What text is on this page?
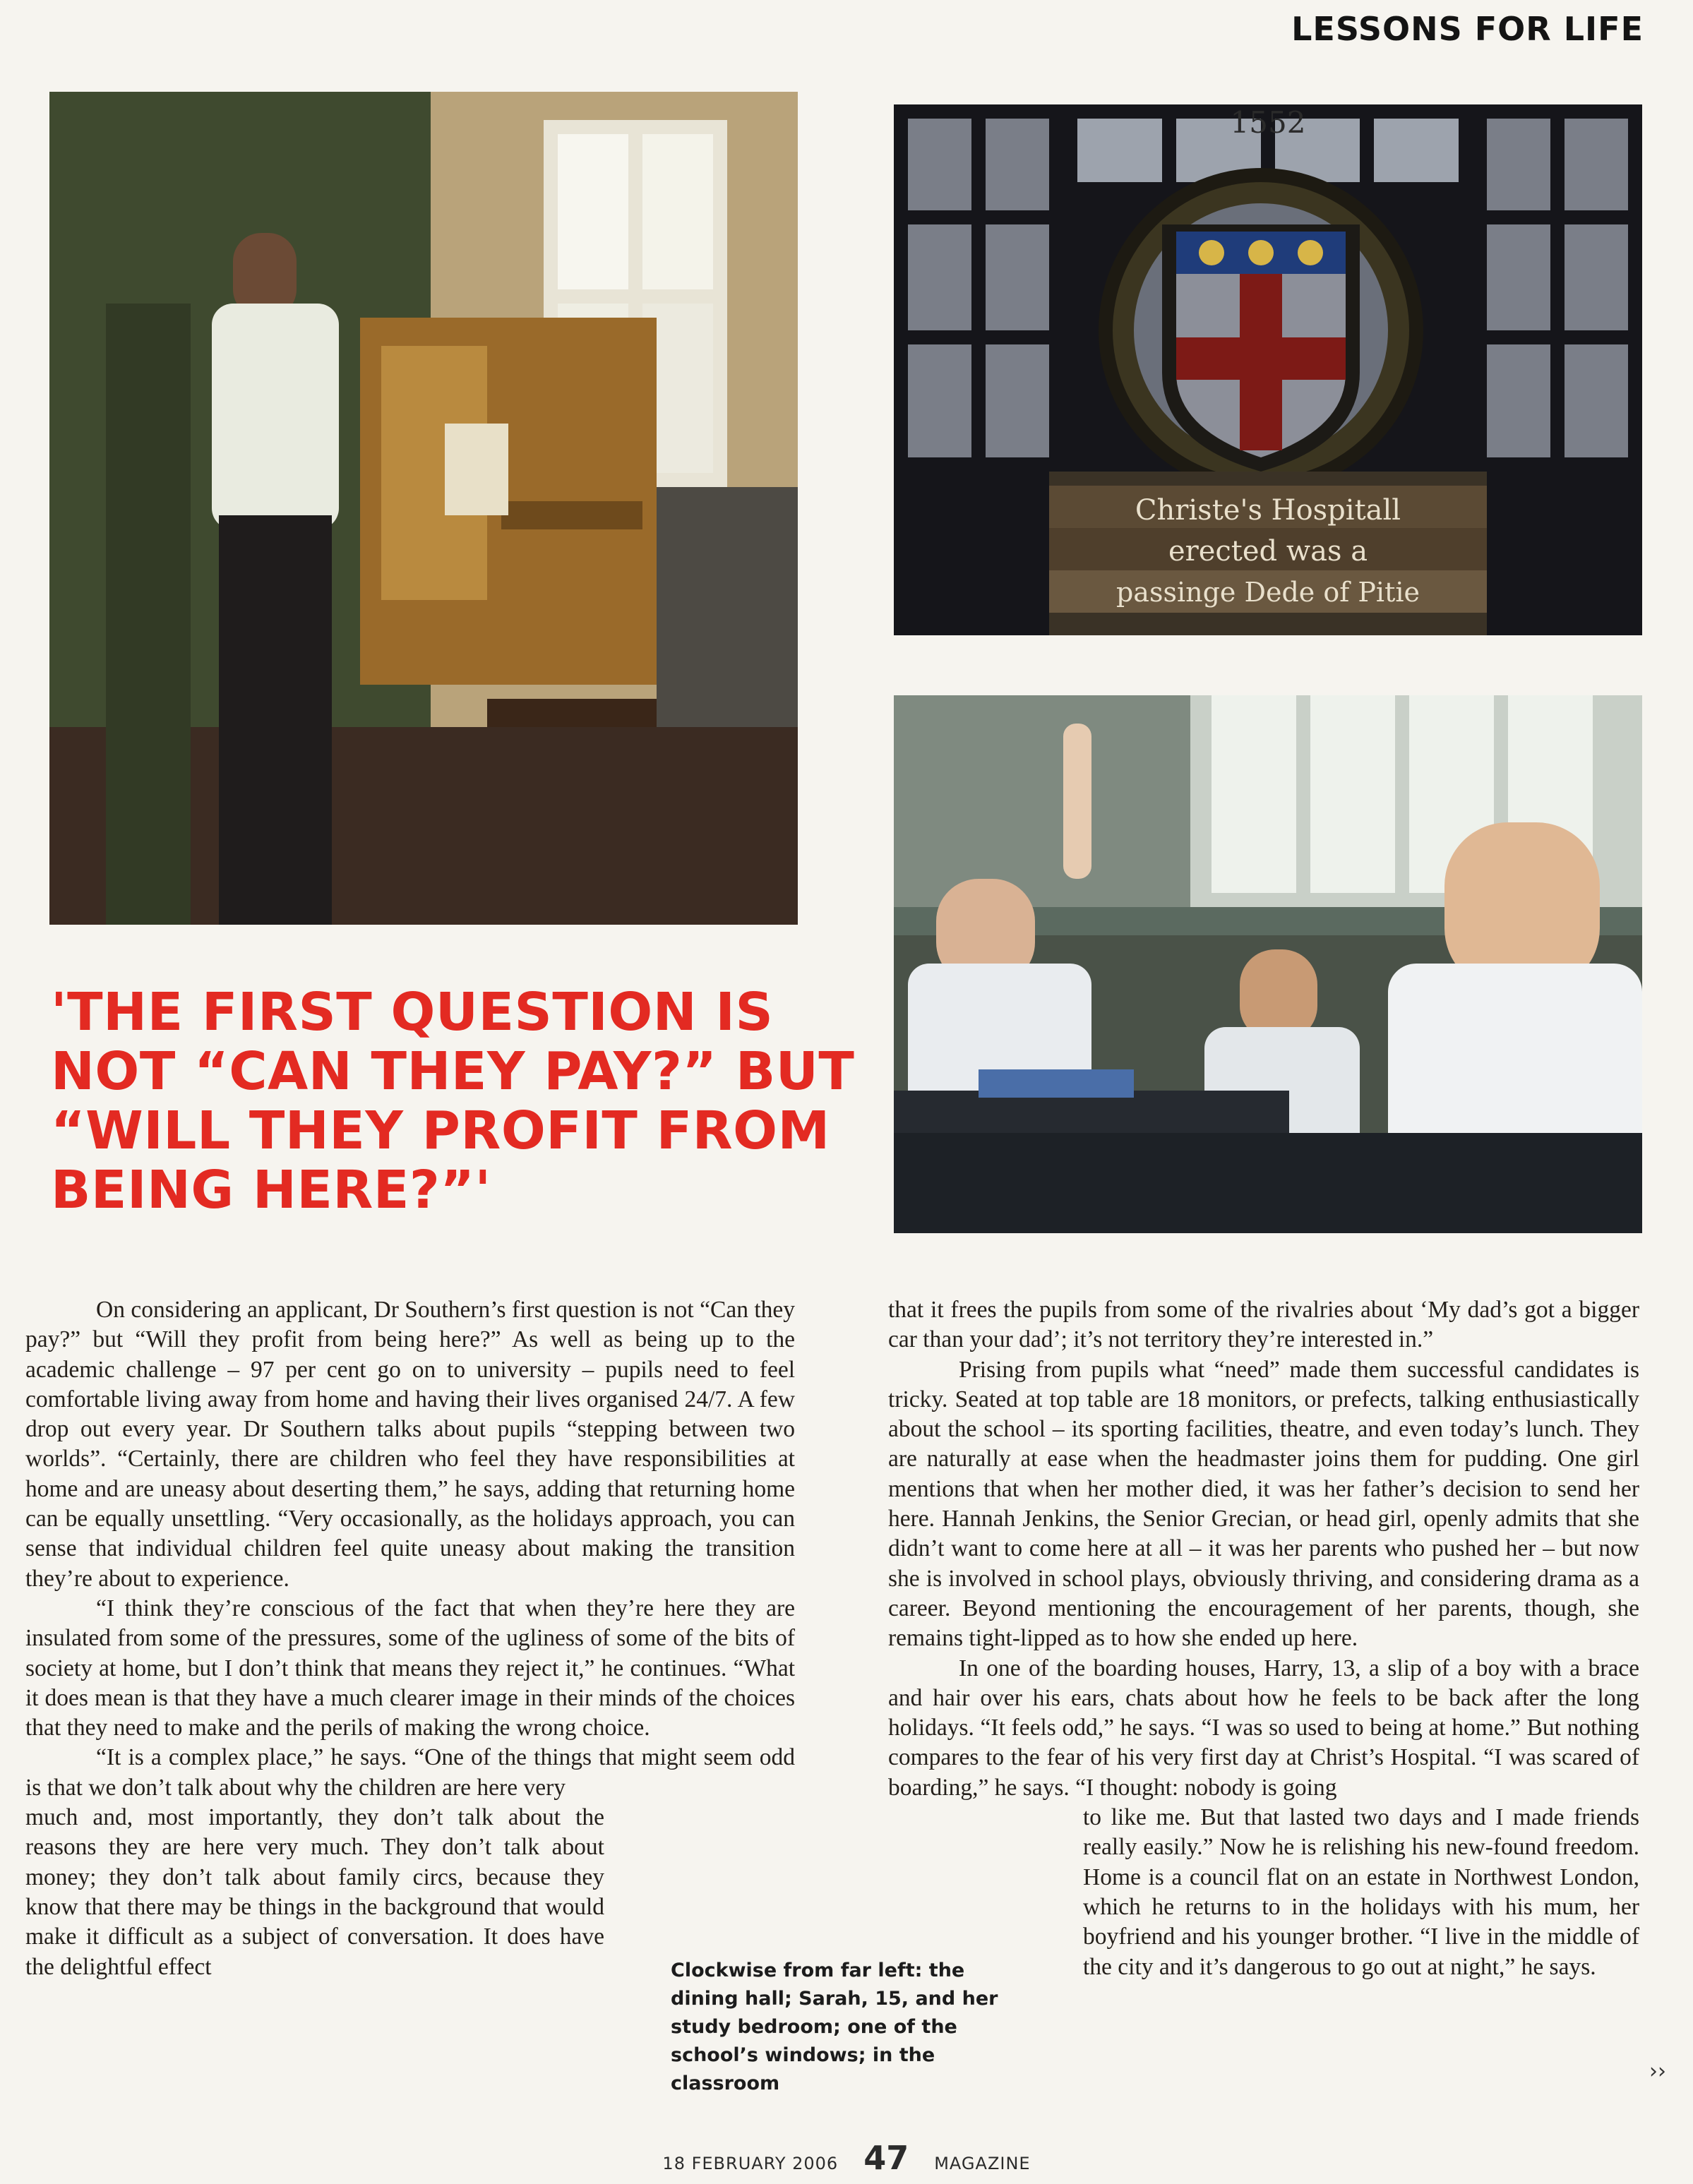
LESSONS FOR LIFE
1552
Christe's Hospitall
erected was a
passinge Dede of Pitie
'THE FIRST QUESTION IS NOT “CAN THEY PAY?” BUT “WILL THEY PROFIT FROM BEING HERE?”'

On considering an applicant, Dr Southern’s first question is not “Can they pay?” but “Will they profit from being here?” As well as being up to the academic challenge – 97 per cent go on to university – pupils need to feel comfortable living away from home and having their lives organised 24/7. A few drop out every year. Dr Southern talks about pupils “stepping between two worlds”. “Certainly, there are children who feel they have responsibilities at home and are uneasy about deserting them,” he says, adding that returning home can be equally unsettling. “Very occasionally, as the holidays approach, you can sense that individual children feel quite uneasy about making the transition they’re about to experience.

“I think they’re conscious of the fact that when they’re here they are insulated from some of the pressures, some of the ugliness of some of the bits of society at home, but I don’t think that means they reject it,” he continues. “What it does mean is that they have a much clearer image in their minds of the choices that they need to make and the perils of making the wrong choice.

“It is a complex place,” he says. “One of the things that might seem odd is that we don’t talk about why the children are here very

much and, most importantly, they don’t talk about the reasons they are here very much. They don’t talk about money; they don’t talk about family circs, because they know that there may be things in the background that would make it difficult as a subject of conversation. It does have the delightful effect	Clockwise from far left: the dining hall; Sarah, 15, and her study bedroom; one of the school’s windows; in the classroom

that it frees the pupils from some of the rivalries about ‘My dad’s got a bigger car than your dad’; it’s not territory they’re interested in.”

Prising from pupils what “need” made them successful candidates is tricky. Seated at top table are 18 monitors, or prefects, talking enthusiastically about the school – its sporting facilities, theatre, and even today’s lunch. They are naturally at ease when the headmaster joins them for pudding. One girl mentions that when her mother died, it was her father’s decision to send her here. Hannah Jenkins, the Senior Grecian, or head girl, openly admits that she didn’t want to come here at all – it was her parents who pushed her – but now she is involved in school plays, obviously thriving, and considering drama as a career. Beyond mentioning the encouragement of her parents, though, she remains tight-lipped as to how she ended up here.

In one of the boarding houses, Harry, 13, a slip of a boy with a brace and hair over his ears, chats about how he feels to be back after the long holidays. “It feels odd,” he says. “I was so used to being at home.” But nothing compares to the fear of his very first day at Christ’s Hospital. “I was scared of boarding,” he says. “I thought: nobody is going

to like me. But that lasted two days and I made friends really easily.” Now he is relishing his new-found freedom. Home is a council flat on an estate in Northwest London, which he returns to in the holidays with his mum, her boyfriend and his younger brother. “I live in the middle of the city and it’s dangerous to go out at night,” he says.

››
18 FEBRUARY 2006 47 MAGAZINE
